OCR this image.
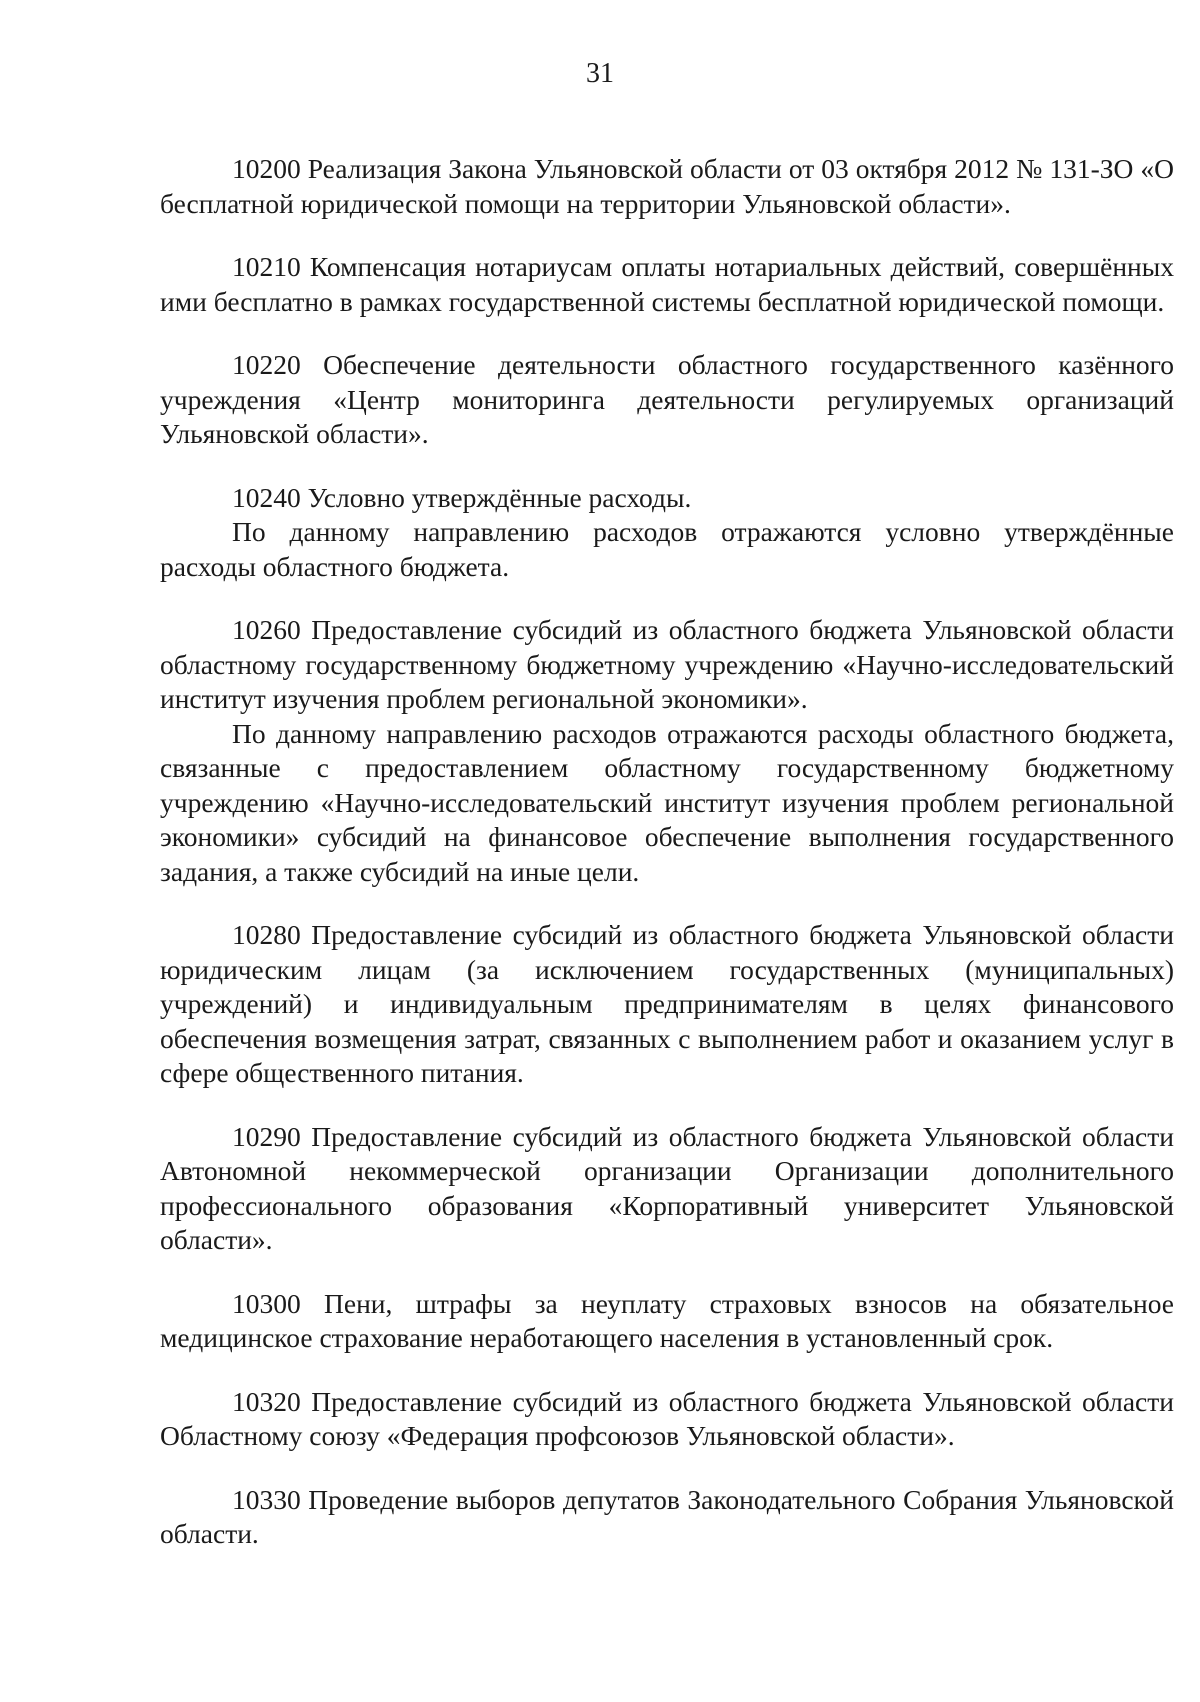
31

10200 Реализация Закона Ульяновской области от 03 октября 2012 № 131-ЗО «О бесплатной юридической помощи на территории Ульяновской области».

10210 Компенсация нотариусам оплаты нотариальных действий, совершённых ими бесплатно в рамках государственной системы бесплатной юридической помощи.

10220 Обеспечение деятельности областного государственного казённого учреждения «Центр мониторинга деятельности регулируемых организаций Ульяновской области».

10240 Условно утверждённые расходы.

По данному направлению расходов отражаются условно утверждённые расходы областного бюджета.

10260 Предоставление субсидий из областного бюджета Ульяновской области областному государственному бюджетному учреждению «Научно-исследовательский институт изучения проблем региональной экономики».

По данному направлению расходов отражаются расходы областного бюджета, связанные с предоставлением областному государственному бюджетному учреждению «Научно-исследовательский институт изучения проблем региональной экономики» субсидий на финансовое обеспечение выполнения государственного задания, а также субсидий на иные цели.

10280 Предоставление субсидий из областного бюджета Ульяновской области юридическим лицам (за исключением государственных (муниципальных) учреждений) и индивидуальным предпринимателям в целях финансового обеспечения возмещения затрат, связанных с выполнением работ и оказанием услуг в сфере общественного питания.

10290 Предоставление субсидий из областного бюджета Ульяновской области Автономной некоммерческой организации Организации дополнительного профессионального образования «Корпоративный университет Ульяновской области».

10300 Пени, штрафы за неуплату страховых взносов на обязательное медицинское страхование неработающего населения в установленный срок.

10320 Предоставление субсидий из областного бюджета Ульяновской области Областному союзу «Федерация профсоюзов Ульяновской области».

10330 Проведение выборов депутатов Законодательного Собрания Ульяновской области.
